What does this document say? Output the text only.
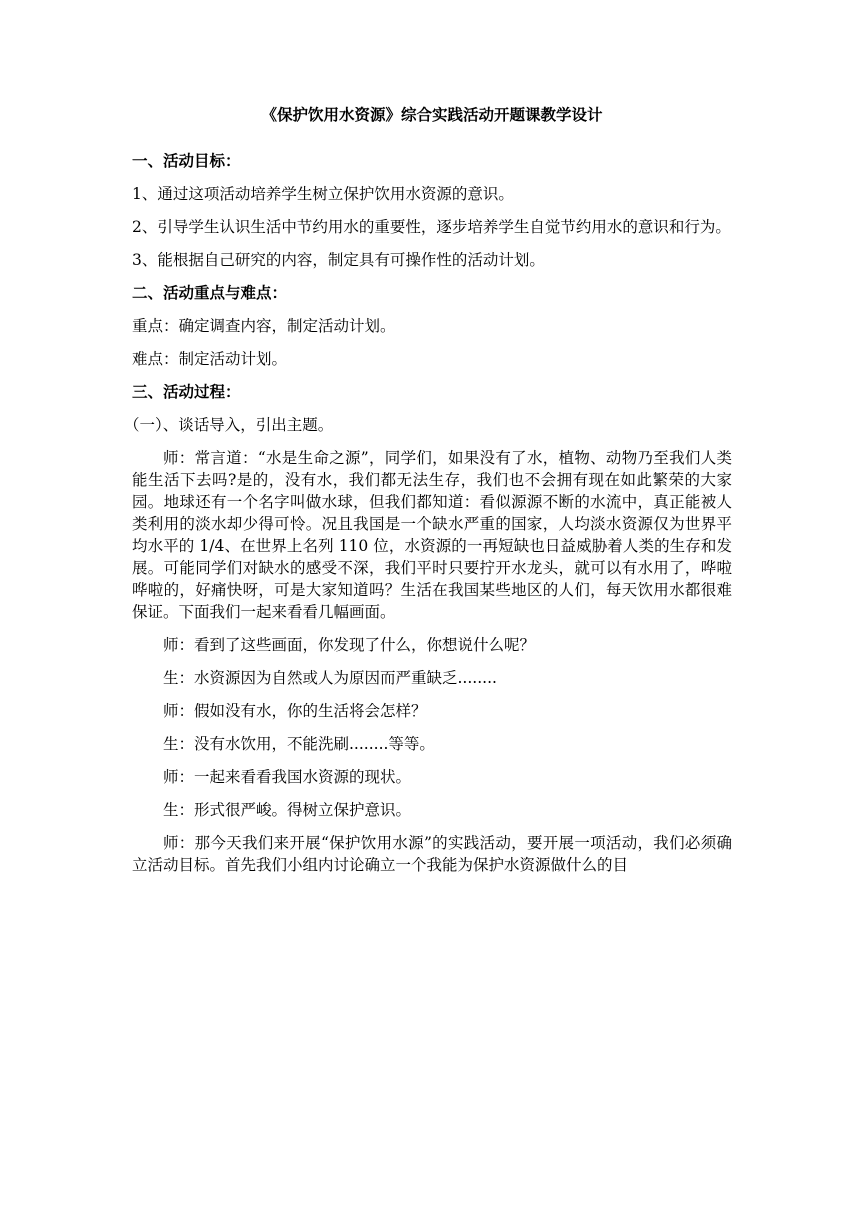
《保护饮用水资源》综合实践活动开题课教学设计
一、活动目标：
1、通过这项活动培养学生树立保护饮用水资源的意识。
2、引导学生认识生活中节约用水的重要性，逐步培养学生自觉节约用水的意识和行为。
3、能根据自己研究的内容，制定具有可操作性的活动计划。
二、活动重点与难点：
重点：确定调查内容，制定活动计划。
难点：制定活动计划。
三、活动过程：
（一）、谈话导入，引出主题。
师：常言道：“水是生命之源”，同学们，如果没有了水，植物、动物乃至我们人类能生活下去吗?是的，没有水，我们都无法生存，我们也不会拥有现在如此繁荣的大家园。地球还有一个名字叫做水球，但我们都知道：看似源源不断的水流中，真正能被人类利用的淡水却少得可怜。况且我国是一个缺水严重的国家，人均淡水资源仅为世界平均水平的 1/4、在世界上名列 110 位，水资源的一再短缺也日益威胁着人类的生存和发展。可能同学们对缺水的感受不深，我们平时只要拧开水龙头，就可以有水用了，哗啦哗啦的，好痛快呀，可是大家知道吗？生活在我国某些地区的人们，每天饮用水都很难保证。下面我们一起来看看几幅画面。
师：看到了这些画面，你发现了什么，你想说什么呢？
生：水资源因为自然或人为原因而严重缺乏........
师：假如没有水，你的生活将会怎样？
生：没有水饮用，不能洗刷........等等。
师：一起来看看我国水资源的现状。
生：形式很严峻。得树立保护意识。
师：那今天我们来开展“保护饮用水源”的实践活动，要开展一项活动，我们必须确立活动目标。首先我们小组内讨论确立一个我能为保护水资源做什么的目
